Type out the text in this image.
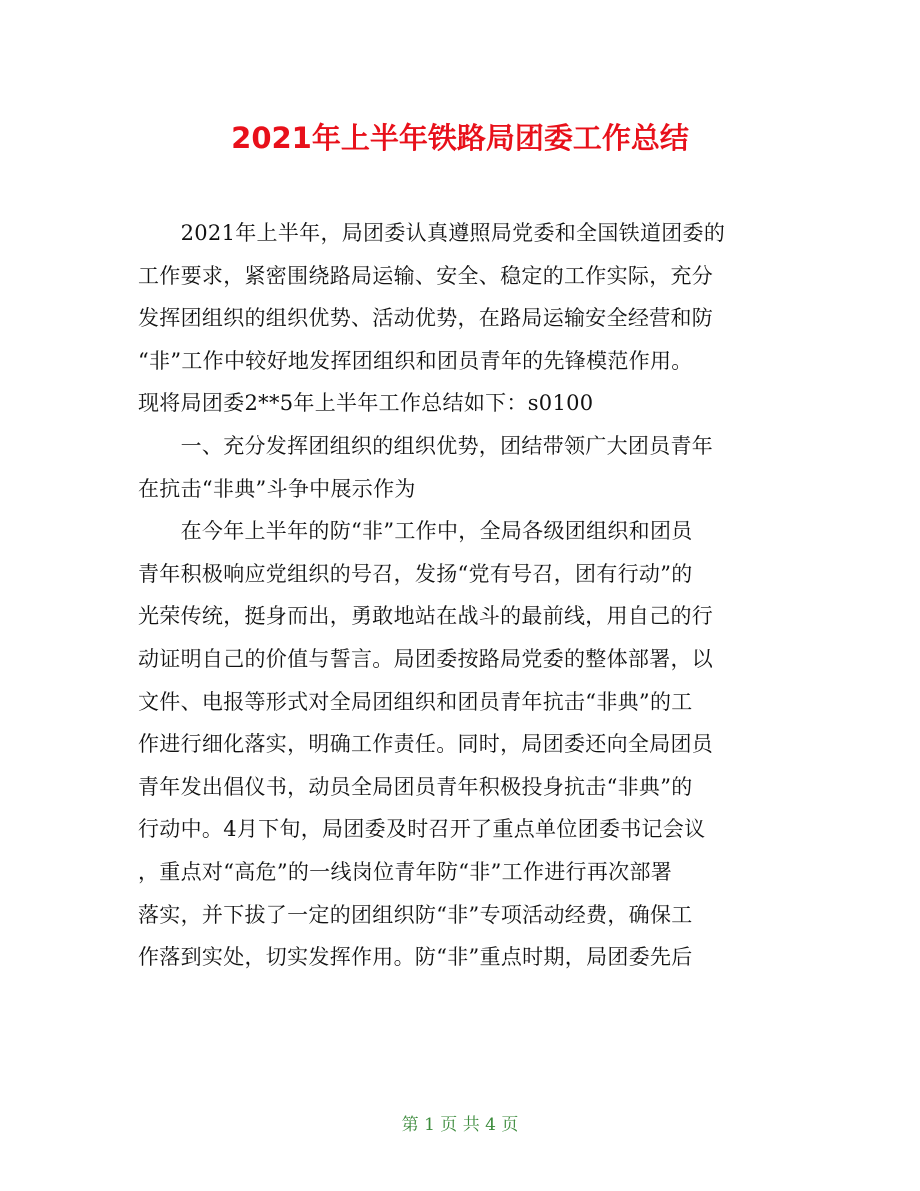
2021年上半年铁路局团委工作总结
　　2021年上半年，局团委认真遵照局党委和全国铁道团委的
工作要求，紧密围绕路局运输、安全、稳定的工作实际，充分
发挥团组织的组织优势、活动优势，在路局运输安全经营和防
“非”工作中较好地发挥团组织和团员青年的先锋模范作用。
现将局团委2**5年上半年工作总结如下：s0100
　　一、充分发挥团组织的组织优势，团结带领广大团员青年
在抗击“非典”斗争中展示作为
　　在今年上半年的防“非”工作中，全局各级团组织和团员
青年积极响应党组织的号召，发扬“党有号召，团有行动”的
光荣传统，挺身而出，勇敢地站在战斗的最前线，用自己的行
动证明自己的价值与誓言。局团委按路局党委的整体部署，以
文件、电报等形式对全局团组织和团员青年抗击“非典”的工
作进行细化落实，明确工作责任。同时，局团委还向全局团员
青年发出倡仪书，动员全局团员青年积极投身抗击“非典”的
行动中。4月下旬，局团委及时召开了重点单位团委书记会议
，重点对“高危”的一线岗位青年防“非”工作进行再次部署
落实，并下拔了一定的团组织防“非”专项活动经费，确保工
作落到实处，切实发挥作用。防“非”重点时期，局团委先后
第 1 页 共 4 页
